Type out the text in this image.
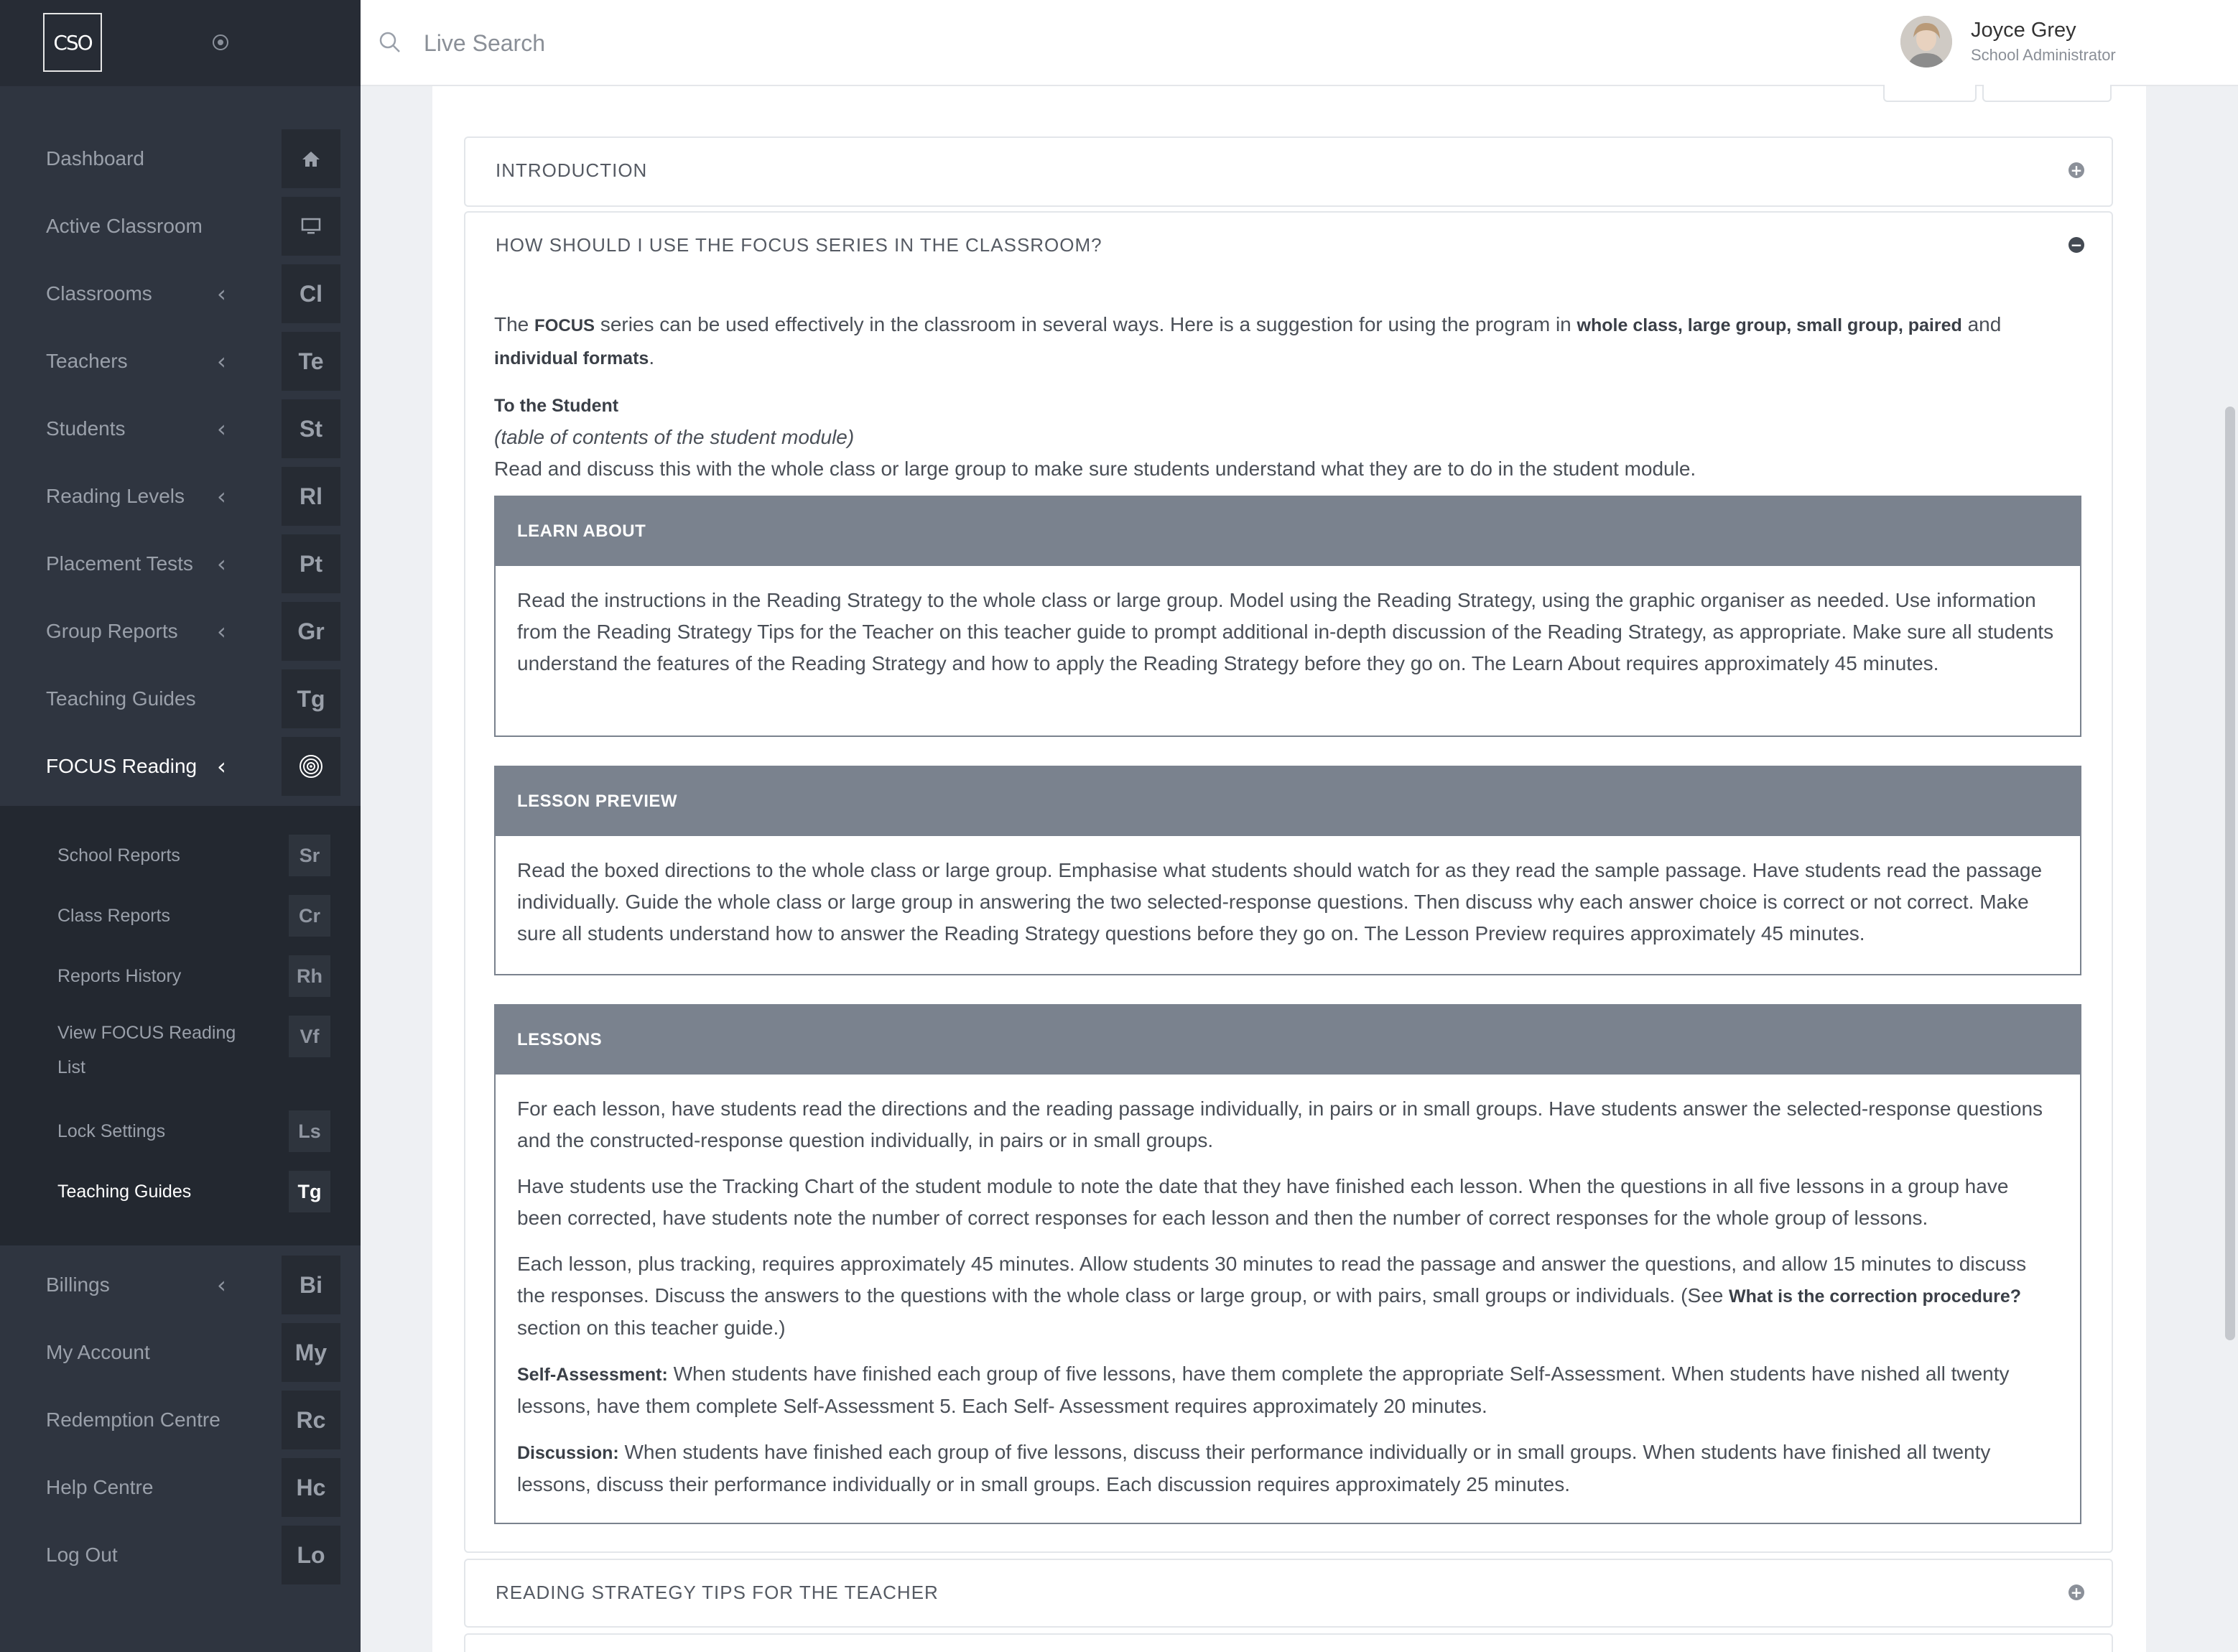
CSO
Dashboard
Active Classroom
Classrooms	‹	Cl
Teachers	‹	Te
Students	‹	St
Reading Levels ‹	Rl
Placement Tests ‹	Pt
Group Reports ‹	Gr
Teaching Guides	Tg
FOCUS Reading ‹
School Reports	Sr
Class Reports	Cr
Reports History	Rh
View FOCUS Reading List
Vf
Lock Settings	Ls
Teaching Guides	Tg
Billings	‹	Bi
My Account	My
Redemption Centre	Rc
Help Centre	Hc
Log Out	Lo
Live Search
Joyce Grey
School Administrator
INTRODUCTION	+
HOW SHOULD I USE THE FOCUS SERIES IN THE CLASSROOM?	−
The FOCUS series can be used effectively in the classroom in several ways. Here is a suggestion for using the program in whole class, large group, small group, paired and individual formats.
To the Student
(table of contents of the student module)
Read and discuss this with the whole class or large group to make sure students understand what they are to do in the student module.
LEARN ABOUT

Read the instructions in the Reading Strategy to the whole class or large group. Model using the Reading Strategy, using the graphic organiser as needed. Use information from the Reading Strategy Tips for the Teacher on this teacher guide to prompt additional in-depth discussion of the Reading Strategy, as appropriate. Make sure all students understand the features of the Reading Strategy and how to apply the Reading Strategy before they go on. The Learn About requires approximately 45 minutes.

LESSON PREVIEW

Read the boxed directions to the whole class or large group. Emphasise what students should watch for as they read the sample passage. Have students read the passage individually. Guide the whole class or large group in answering the two selected-response questions. Then discuss why each answer choice is correct or not correct. Make sure all students understand how to answer the Reading Strategy questions before they go on. The Lesson Preview requires approximately 45 minutes.

LESSONS

For each lesson, have students read the directions and the reading passage individually, in pairs or in small groups. Have students answer the selected-response questions and the constructed-response question individually, in pairs or in small groups.

Have students use the Tracking Chart of the student module to note the date that they have finished each lesson. When the questions in all five lessons in a group have been corrected, have students note the number of correct responses for each lesson and then the number of correct responses for the whole group of lessons.

Each lesson, plus tracking, requires approximately 45 minutes. Allow students 30 minutes to read the passage and answer the questions, and allow 15 minutes to discuss the responses. Discuss the answers to the questions with the whole class or large group, or with pairs, small groups or individuals. (See What is the correction procedure? section on this teacher guide.)

Self-Assessment: When students have finished each group of five lessons, have them complete the appropriate Self-Assessment. When students have nished all twenty lessons, have them complete Self-Assessment 5. Each Self- Assessment requires approximately 20 minutes.

Discussion: When students have finished each group of five lessons, discuss their performance individually or in small groups. When students have finished all twenty lessons, discuss their performance individually or in small groups. Each discussion requires approximately 25 minutes.

READING STRATEGY TIPS FOR THE TEACHER	+
